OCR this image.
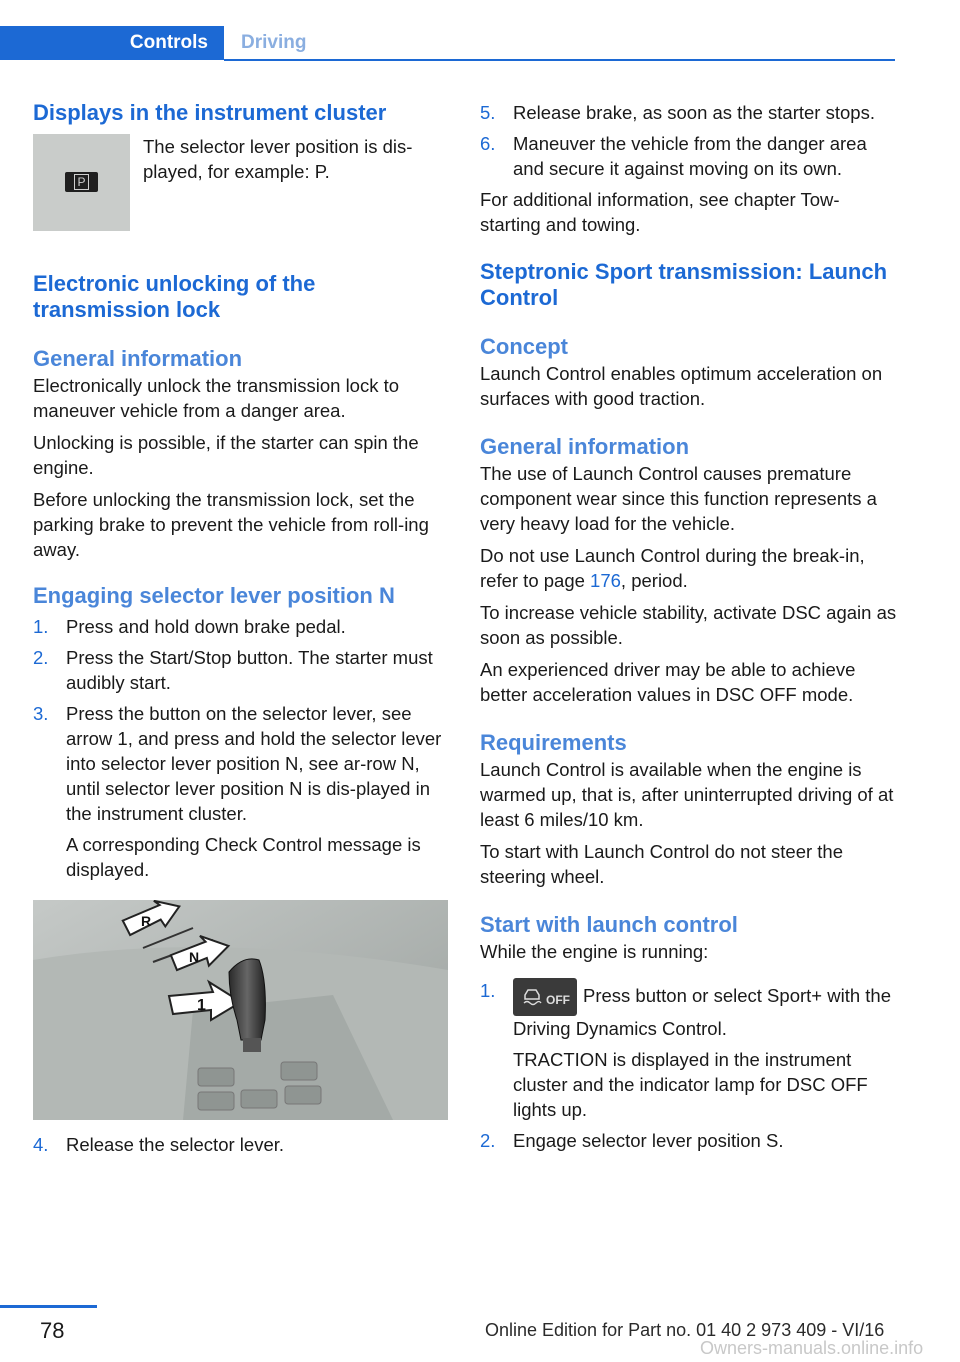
Controls	Driving
Displays in the instrument cluster
P

The selector lever position is dis-played, for example: P.

Electronic unlocking of the transmission lock
General information

Electronically unlock the transmission lock to maneuver vehicle from a danger area.

Unlocking is possible, if the starter can spin the engine.

Before unlocking the transmission lock, set the parking brake to prevent the vehicle from roll-ing away.

Engaging selector lever position N
1. Press and hold down brake pedal.
2. Press the Start/Stop button. The starter must audibly start.
3. Press the button on the selector lever, see arrow 1, and press and hold the selector lever into selector lever position N, see ar-row N, until selector lever position N is dis-played in the instrument cluster.
A corresponding Check Control message is displayed.
R
N
1
4. Release the selector lever.
5. Release brake, as soon as the starter stops.
6. Maneuver the vehicle from the danger area and secure it against moving on its own.

For additional information, see chapter Tow-starting and towing.

Steptronic Sport transmission: Launch Control
Concept

Launch Control enables optimum acceleration on surfaces with good traction.

General information

The use of Launch Control causes premature component wear since this function represents a very heavy load for the vehicle.

Do not use Launch Control during the break-in, refer to page 176, period.

To increase vehicle stability, activate DSC again as soon as possible.

An experienced driver may be able to achieve better acceleration values in DSC OFF mode.

Requirements

Launch Control is available when the engine is warmed up, that is, after uninterrupted driving of at least 6 miles/10 km.

To start with Launch Control do not steer the steering wheel.

Start with launch control

While the engine is running:

1.	OFF Press button or select Sport+ with the Driving Dynamics Control.
TRACTION is displayed in the instrument cluster and the indicator lamp for DSC OFF lights up.
2. Engage selector lever position S.
78	Online Edition for Part no. 01 40 2 973 409 - VI/16
Owners-manuals.online.info
